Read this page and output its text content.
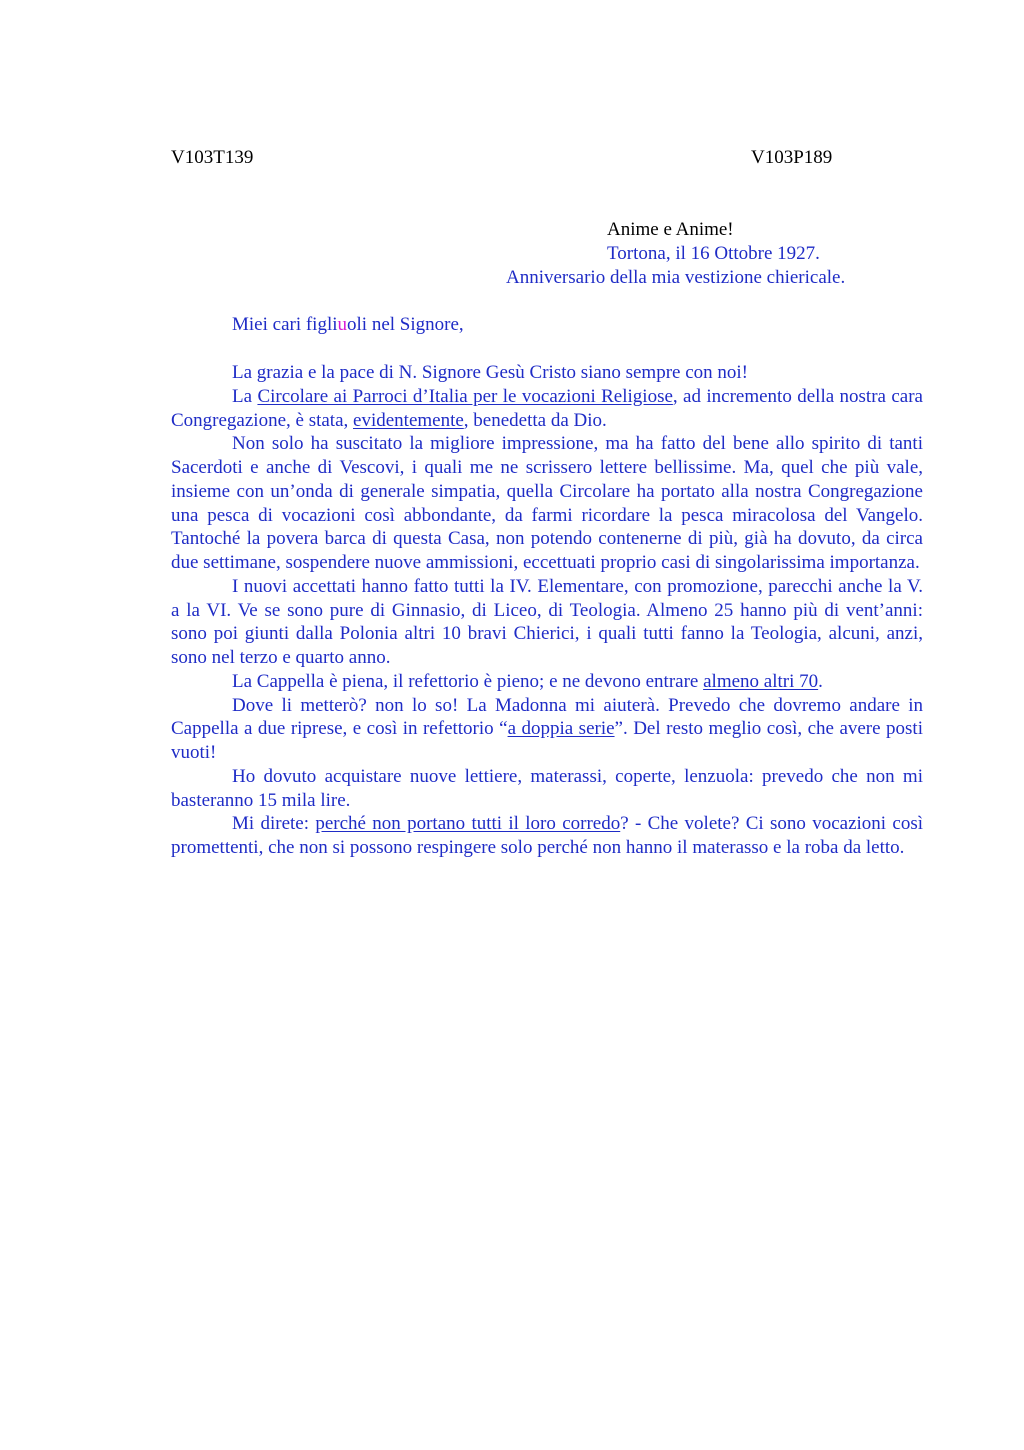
V103T139	V103P189
Anime e Anime!
Tortona, il 16 Ottobre 1927.
Anniversario della mia vestizione chiericale.
Miei cari figliuoli nel Signore,

La grazia e la pace di N. Signore Gesù Cristo siano sempre con noi!

La Circolare ai Parroci d’Italia per le vocazioni Religiose, ad incremento della nostra cara Congregazione, è stata, evidentemente, benedetta da Dio.

Non solo ha suscitato la migliore impressione, ma ha fatto del bene allo spirito di tanti Sacerdoti e anche di Vescovi, i quali me ne scrissero lettere bellissime. Ma, quel che più vale, insieme con un’onda di generale simpatia, quella Circolare ha portato alla nostra Congregazione una pesca di vocazioni così abbondante, da farmi ricordare la pesca miracolosa del Vangelo. Tantoché la povera barca di questa Casa, non potendo contenerne di più, già ha dovuto, da circa due settimane, sospendere nuove ammissioni, eccettuati proprio casi di singolarissima importanza.

I nuovi accettati hanno fatto tutti la IV. Elementare, con promozione, parecchi anche la V. a la VI. Ve se sono pure di Ginnasio, di Liceo, di Teologia. Almeno 25 hanno più di vent’anni: sono poi giunti dalla Polonia altri 10 bravi Chierici, i quali tutti fanno la Teologia, alcuni, anzi, sono nel terzo e quarto anno.

La Cappella è piena, il refettorio è pieno; e ne devono entrare almeno altri 70.

Dove li metterò? non lo so! La Madonna mi aiuterà. Prevedo che dovremo andare in Cappella a due riprese, e così in refettorio “a doppia serie”. Del resto meglio così, che avere posti vuoti!

Ho dovuto acquistare nuove lettiere, materassi, coperte, lenzuola: prevedo che non mi basteranno 15 mila lire.

Mi direte: perché non portano tutti il loro corredo? - Che volete? Ci sono vocazioni così promettenti, che non si possono respingere solo perché non hanno il materasso e la roba da letto.
